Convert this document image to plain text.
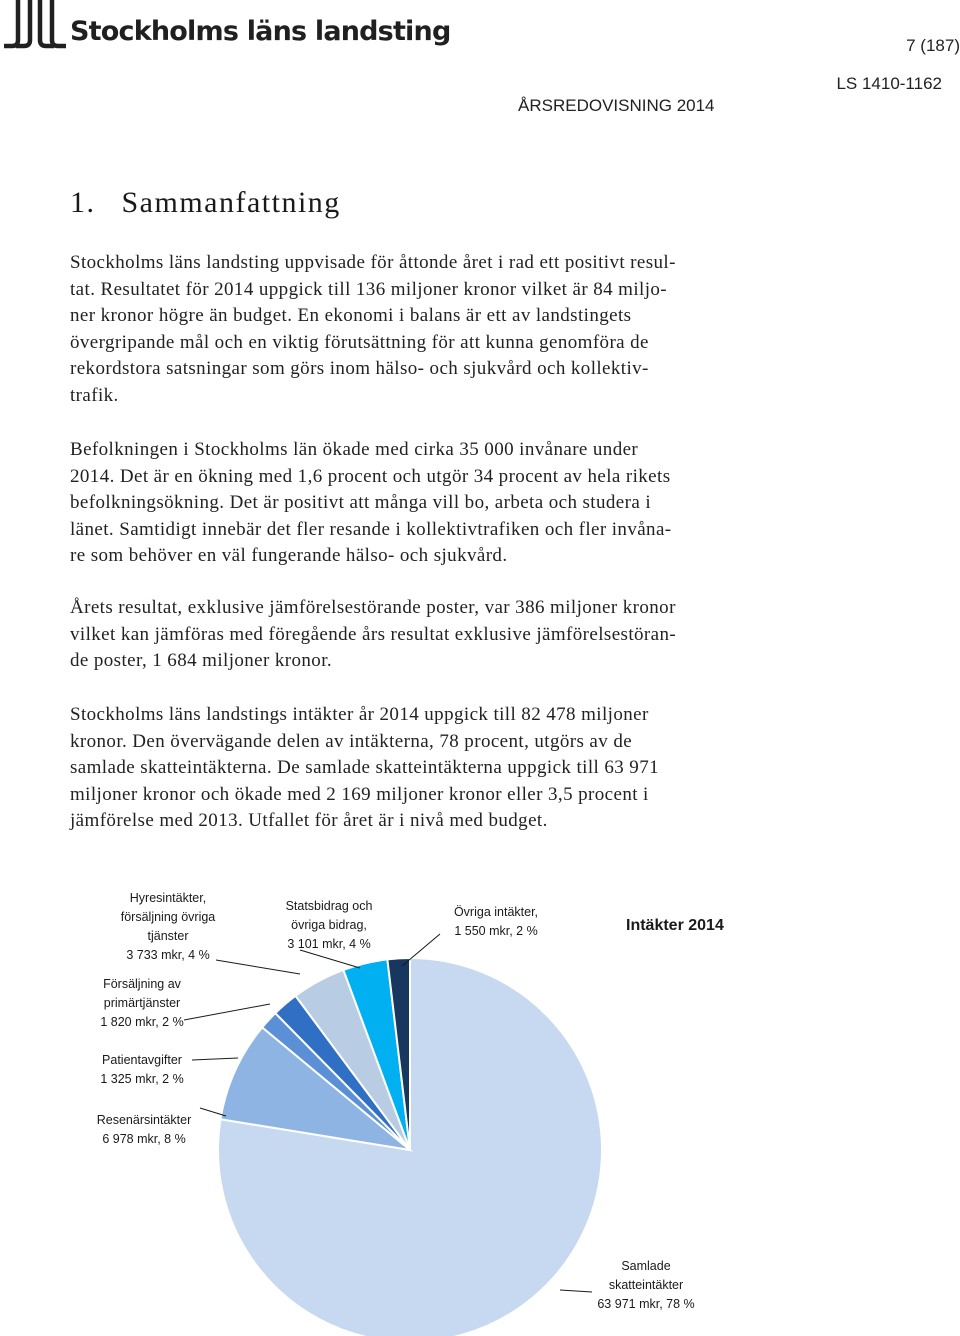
Stockholms läns landsting	7 (187)
LS 1410-1162
ÅRSREDOVISNING 2014
1. Sammanfattning
Stockholms läns landsting uppvisade för åttonde året i rad ett positivt resul-
tat. Resultatet för 2014 uppgick till 136 miljoner kronor vilket är 84 miljo-
ner kronor högre än budget. En ekonomi i balans är ett av landstingets
övergripande mål och en viktig förutsättning för att kunna genomföra de
rekordstora satsningar som görs inom hälso- och sjukvård och kollektiv-
trafik.
Befolkningen i Stockholms län ökade med cirka 35 000 invånare under
2014. Det är en ökning med 1,6 procent och utgör 34 procent av hela rikets
befolkningsökning. Det är positivt att många vill bo, arbeta och studera i
länet. Samtidigt innebär det fler resande i kollektivtrafiken och fler invåna-
re som behöver en väl fungerande hälso- och sjukvård.
Årets resultat, exklusive jämförelsestörande poster, var 386 miljoner kronor
vilket kan jämföras med föregående års resultat exklusive jämförelsestöran-
de poster, 1 684 miljoner kronor.
Stockholms läns landstings intäkter år 2014 uppgick till 82 478 miljoner
kronor. Den övervägande delen av intäkterna, 78 procent, utgörs av de
samlade skatteintäkterna. De samlade skatteintäkterna uppgick till 63 971
miljoner kronor och ökade med 2 169 miljoner kronor eller 3,5 procent i
jämförelse med 2013. Utfallet för året är i nivå med budget.
Intäkter 2014
Samlade skatteintäkter 63 971 mkr, 78 %
Resenärsintäkter 6 978 mkr, 8 %
Patientavgifter 1 325 mkr, 2 %
Försäljning av primärtjänster 1 820 mkr, 2 %
Hyresintäkter, försäljning övriga tjänster 3 733 mkr, 4 %
Statsbidrag och övriga bidrag, 3 101 mkr, 4 %
Övriga intäkter, 1 550 mkr, 2 %
